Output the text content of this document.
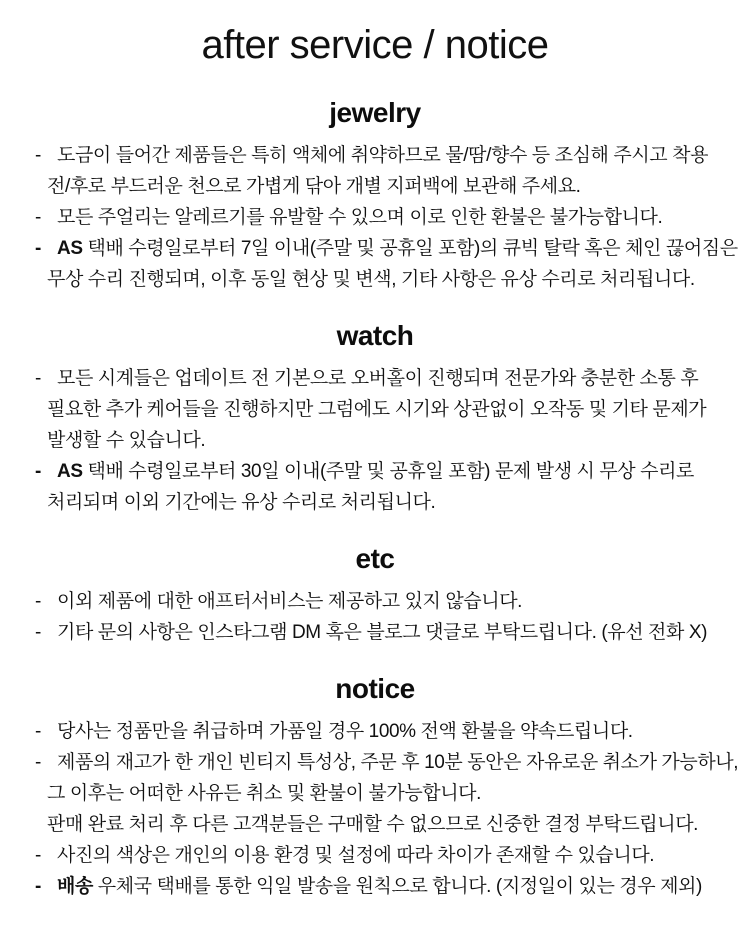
after service / notice
jewelry
- 도금이 들어간 제품들은 특히 액체에 취약하므로 물/땀/향수 등 조심해 주시고 착용
전/후로 부드러운 천으로 가볍게 닦아 개별 지퍼백에 보관해 주세요.
- 모든 주얼리는 알레르기를 유발할 수 있으며 이로 인한 환불은 불가능합니다.
- AS 택배 수령일로부터 7일 이내(주말 및 공휴일 포함)의 큐빅 탈락 혹은 체인 끊어짐은
무상 수리 진행되며, 이후 동일 현상 및 변색, 기타 사항은 유상 수리로 처리됩니다.
watch
- 모든 시계들은 업데이트 전 기본으로 오버홀이 진행되며 전문가와 충분한 소통 후
필요한 추가 케어들을 진행하지만 그럼에도 시기와 상관없이 오작동 및 기타 문제가
발생할 수 있습니다.
- AS 택배 수령일로부터 30일 이내(주말 및 공휴일 포함) 문제 발생 시 무상 수리로
처리되며 이외 기간에는 유상 수리로 처리됩니다.
etc
- 이외 제품에 대한 애프터서비스는 제공하고 있지 않습니다.
- 기타 문의 사항은 인스타그램 DM 혹은 블로그 댓글로 부탁드립니다. (유선 전화 X)
notice
- 당사는 정품만을 취급하며 가품일 경우 100% 전액 환불을 약속드립니다.
- 제품의 재고가 한 개인 빈티지 특성상, 주문 후 10분 동안은 자유로운 취소가 가능하나,
그 이후는 어떠한 사유든 취소 및 환불이 불가능합니다.
판매 완료 처리 후 다른 고객분들은 구매할 수 없으므로 신중한 결정 부탁드립니다.
- 사진의 색상은 개인의 이용 환경 및 설정에 따라 차이가 존재할 수 있습니다.
- 배송 우체국 택배를 통한 익일 발송을 원칙으로 합니다. (지정일이 있는 경우 제외)
